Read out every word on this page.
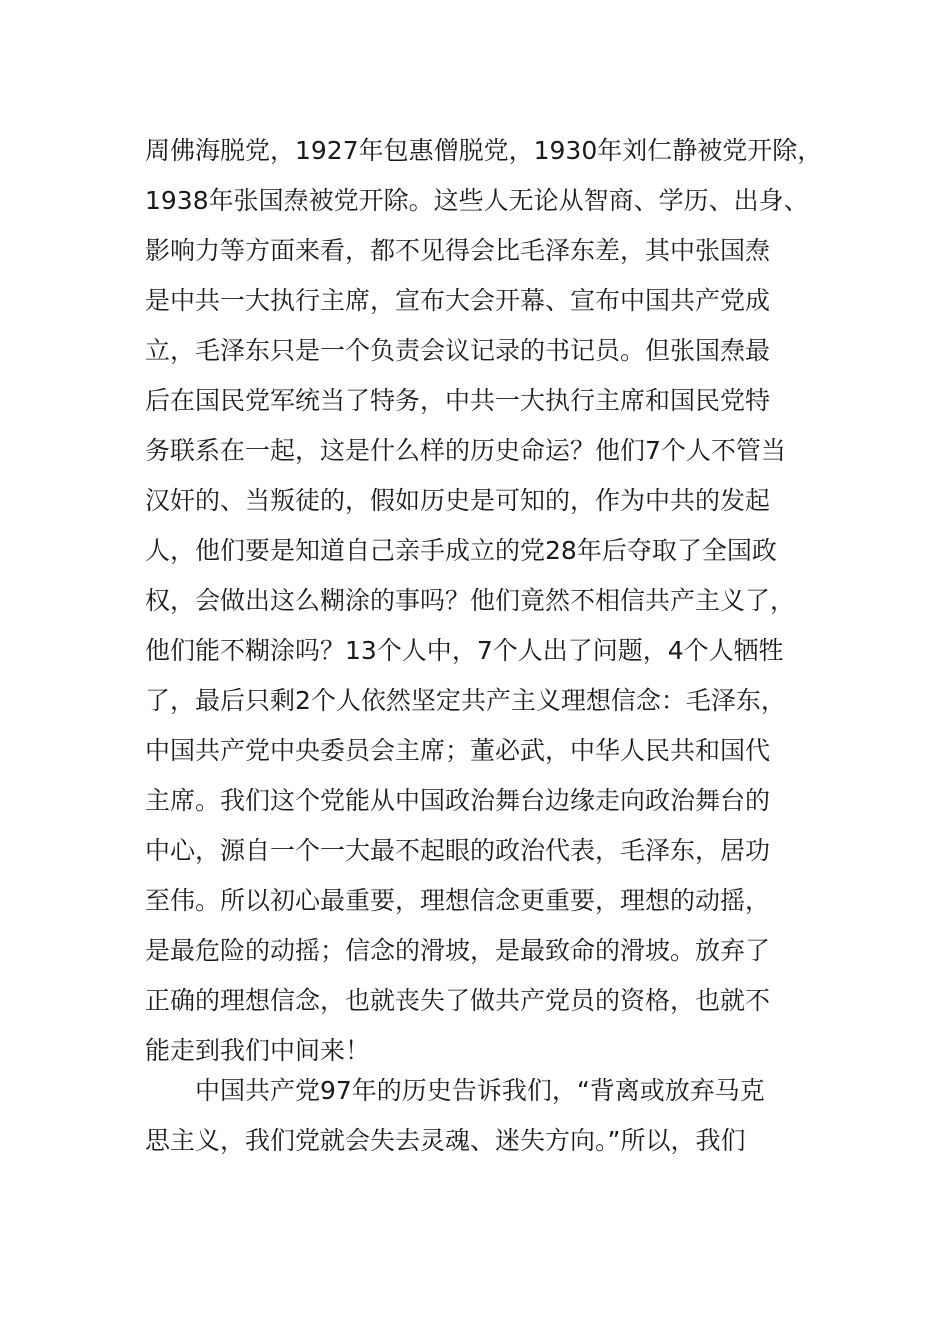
周佛海脱党，1927年包惠僧脱党，1930年刘仁静被党开除，
1938年张国焘被党开除。这些人无论从智商、学历、出身、
影响力等方面来看，都不见得会比毛泽东差，其中张国焘
是中共一大执行主席，宣布大会开幕、宣布中国共产党成
立，毛泽东只是一个负责会议记录的书记员。但张国焘最
后在国民党军统当了特务，中共一大执行主席和国民党特
务联系在一起，这是什么样的历史命运？他们7个人不管当
汉奸的、当叛徒的，假如历史是可知的，作为中共的发起
人，他们要是知道自己亲手成立的党28年后夺取了全国政
权，会做出这么糊涂的事吗？他们竟然不相信共产主义了，
他们能不糊涂吗？13个人中，7个人出了问题，4个人牺牲
了，最后只剩2个人依然坚定共产主义理想信念：毛泽东，
中国共产党中央委员会主席；董必武，中华人民共和国代
主席。我们这个党能从中国政治舞台边缘走向政治舞台的
中心，源自一个一大最不起眼的政治代表，毛泽东，居功
至伟。所以初心最重要，理想信念更重要，理想的动摇，
是最危险的动摇；信念的滑坡，是最致命的滑坡。放弃了
正确的理想信念，也就丧失了做共产党员的资格，也就不
能走到我们中间来！
　　中国共产党97年的历史告诉我们，“背离或放弃马克
思主义，我们党就会失去灵魂、迷失方向。”所以，我们
